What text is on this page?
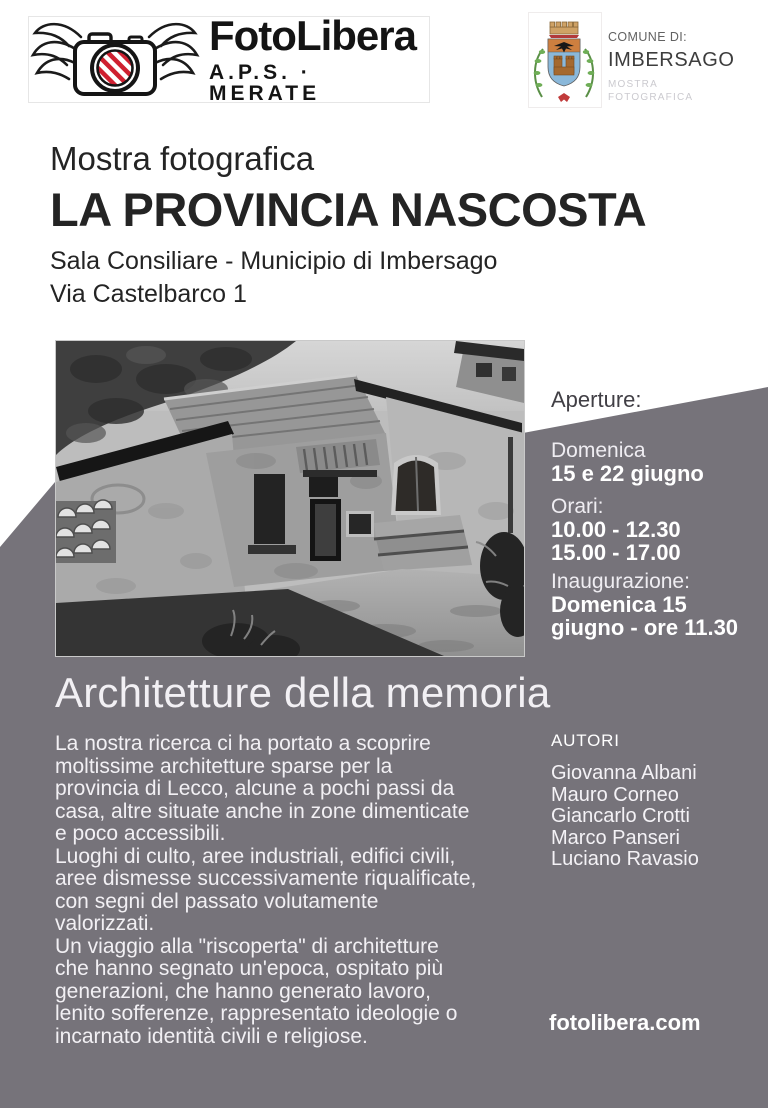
FotoLibera
A.P.S. · MERATE
COMUNE DI:
IMBERSAGO
MOSTRA
FOTOGRAFICA
Mostra fotografica
LA PROVINCIA NASCOSTA
Sala Consiliare - Municipio di Imbersago
Via Castelbarco 1
Aperture:
Domenica
15 e 22 giugno
Orari:
10.00 - 12.30
15.00 - 17.00
Inaugurazione:
Domenica 15
giugno - ore 11.30
Architetture della memoria
La nostra ricerca ci ha portato a scoprire
moltissime architetture sparse per la
provincia di Lecco, alcune a pochi passi da
casa, altre situate anche in zone dimenticate
e poco accessibili.
Luoghi di culto, aree industriali, edifici civili,
aree dismesse successivamente riqualificate,
con segni del passato volutamente
valorizzati.
Un viaggio alla "riscoperta" di architetture
che hanno segnato un'epoca, ospitato più
generazioni, che hanno generato lavoro,
lenito sofferenze, rappresentato ideologie o
incarnato identità civili e religiose.
AUTORI
Giovanna Albani
Mauro Corneo
Giancarlo Crotti
Marco Panseri
Luciano Ravasio
fotolibera.com
